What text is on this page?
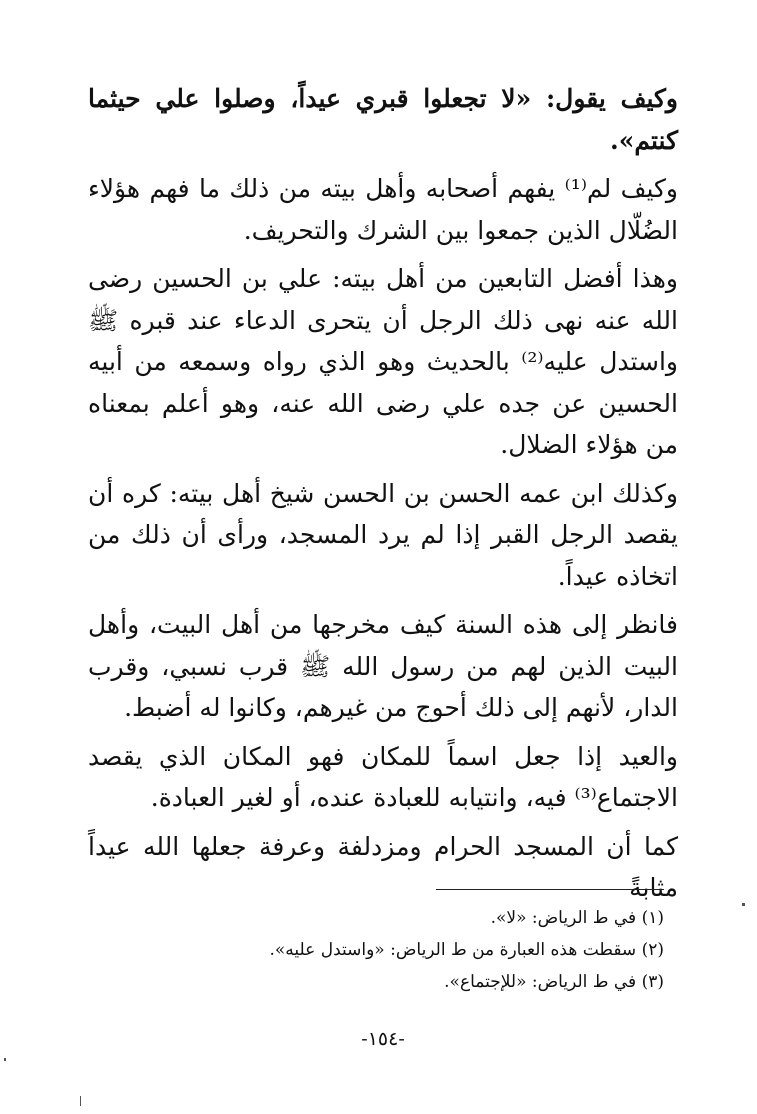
وكيف يقول: «لا تجعلوا قبري عيداً، وصلوا علي حيثما كنتم».

وكيف لم⁽¹⁾ يفهم أصحابه وأهل بيته من ذلك ما فهم هؤلاء الضُلّال الذين جمعوا بين الشرك والتحريف.

وهذا أفضل التابعين من أهل بيته: علي بن الحسين رضى الله عنه نهى ذلك الرجل أن يتحرى الدعاء عند قبره ﷺ واستدل عليه⁽²⁾ بالحديث وهو الذي رواه وسمعه من أبيه الحسين عن جده علي رضى الله عنه، وهو أعلم بمعناه من هؤلاء الضلال.

وكذلك ابن عمه الحسن بن الحسن شيخ أهل بيته: كره أن يقصد الرجل القبر إذا لم يرد المسجد، ورأى أن ذلك من اتخاذه عيداً.

فانظر إلى هذه السنة كيف مخرجها من أهل البيت، وأهل البيت الذين لهم من رسول الله ﷺ قرب نسبي، وقرب الدار، لأنهم إلى ذلك أحوج من غيرهم، وكانوا له أضبط.

والعيد إذا جعل اسماً للمكان فهو المكان الذي يقصد الاجتماع⁽³⁾ فيه، وانتيابه للعبادة عنده، أو لغير العبادة.

كما أن المسجد الحرام ومزدلفة وعرفة جعلها الله عيداً مثابةً

(١) في ط الرياض: «لا».
(٢) سقطت هذه العبارة من ط الرياض: «واستدل عليه».
(٣) في ط الرياض: «للإجتماع».
-١٥٤-
